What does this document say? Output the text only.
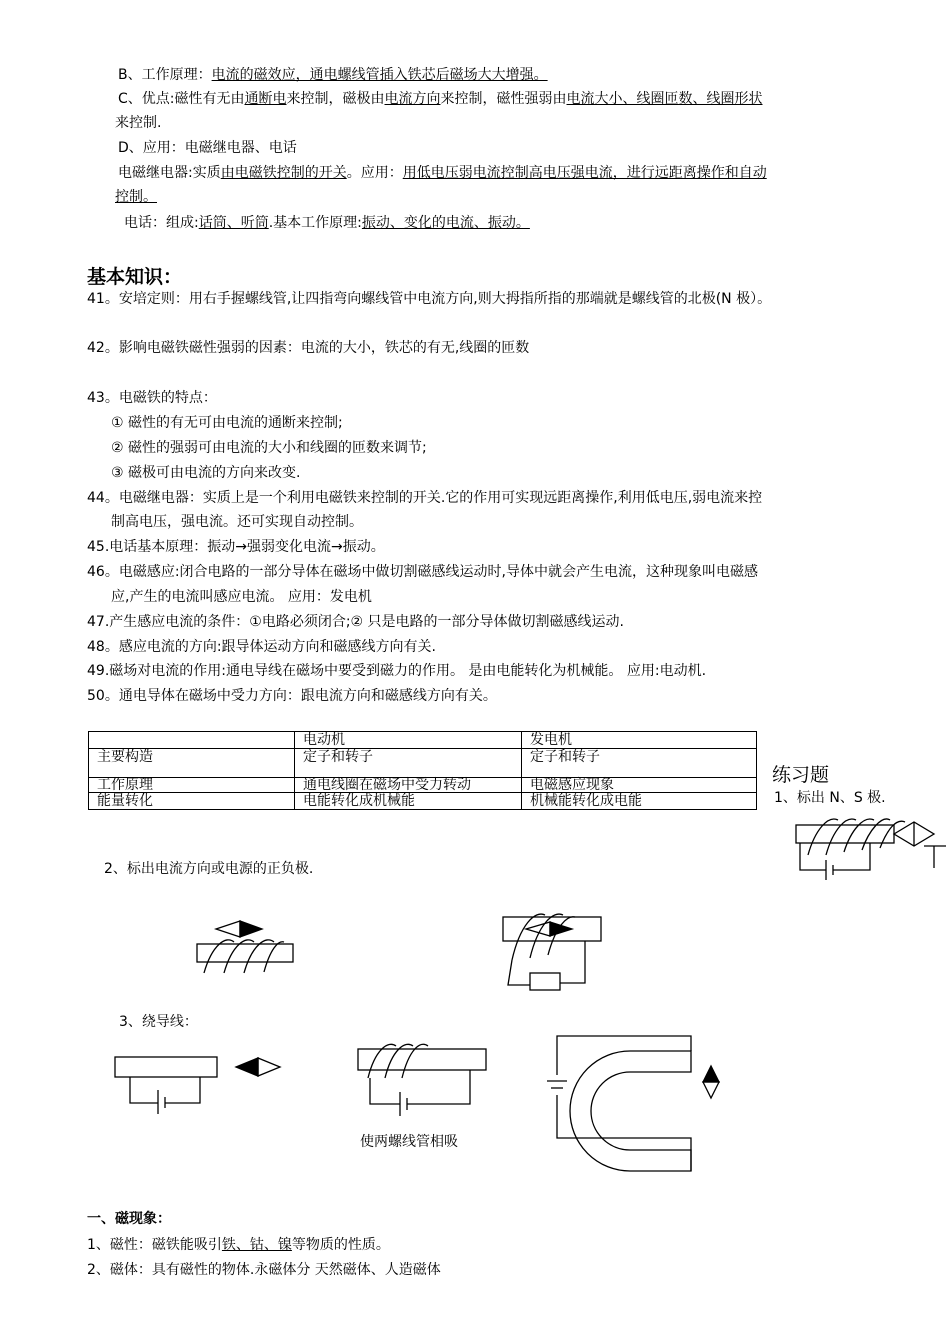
B、工作原理：电流的磁效应，通电螺线管插入铁芯后磁场大大增强。
C、优点:磁性有无由通断电来控制，磁极由电流方向来控制，磁性强弱由电流大小、线圈匝数、线圈形状
来控制.
D、应用：电磁继电器、电话
电磁继电器:实质由电磁铁控制的开关。应用：用低电压弱电流控制高电压强电流，进行远距离操作和自动
控制。
电话：组成:话筒、听筒.基本工作原理:振动、变化的电流、振动。
基本知识：
41。安培定则：用右手握螺线管,让四指弯向螺线管中电流方向,则大拇指所指的那端就是螺线管的北极(N 极）。
42。影响电磁铁磁性强弱的因素：电流的大小，铁芯的有无,线圈的匝数
43。电磁铁的特点：
① 磁性的有无可由电流的通断来控制;
② 磁性的强弱可由电流的大小和线圈的匝数来调节;
③ 磁极可由电流的方向来改变.
44。电磁继电器：实质上是一个利用电磁铁来控制的开关.它的作用可实现远距离操作,利用低电压,弱电流来控
制高电压，强电流。还可实现自动控制。
45.电话基本原理：振动→强弱变化电流→振动。
46。电磁感应:闭合电路的一部分导体在磁场中做切割磁感线运动时,导体中就会产生电流，这种现象叫电磁感
应,产生的电流叫感应电流。 应用：发电机
47.产生感应电流的条件：①电路必须闭合;② 只是电路的一部分导体做切割磁感线运动.
48。感应电流的方向:跟导体运动方向和磁感线方向有关.
49.磁场对电流的作用:通电导线在磁场中要受到磁力的作用。 是由电能转化为机械能。 应用:电动机.
50。通电导体在磁场中受力方向：跟电流方向和磁感线方向有关。
	电动机	发电机
主要构造	定子和转子	定子和转子
工作原理	通电线圈在磁场中受力转动	电磁感应现象
能量转化	电能转化成机械能	机械能转化成电能
练习题
1、标出 N、S 极.
2、标出电流方向或电源的正负极.
3、绕导线：
使两螺线管相吸
一、磁现象：
1、磁性：磁铁能吸引铁、钴、镍等物质的性质。
2、磁体：具有磁性的物体.永磁体分 天然磁体、人造磁体
